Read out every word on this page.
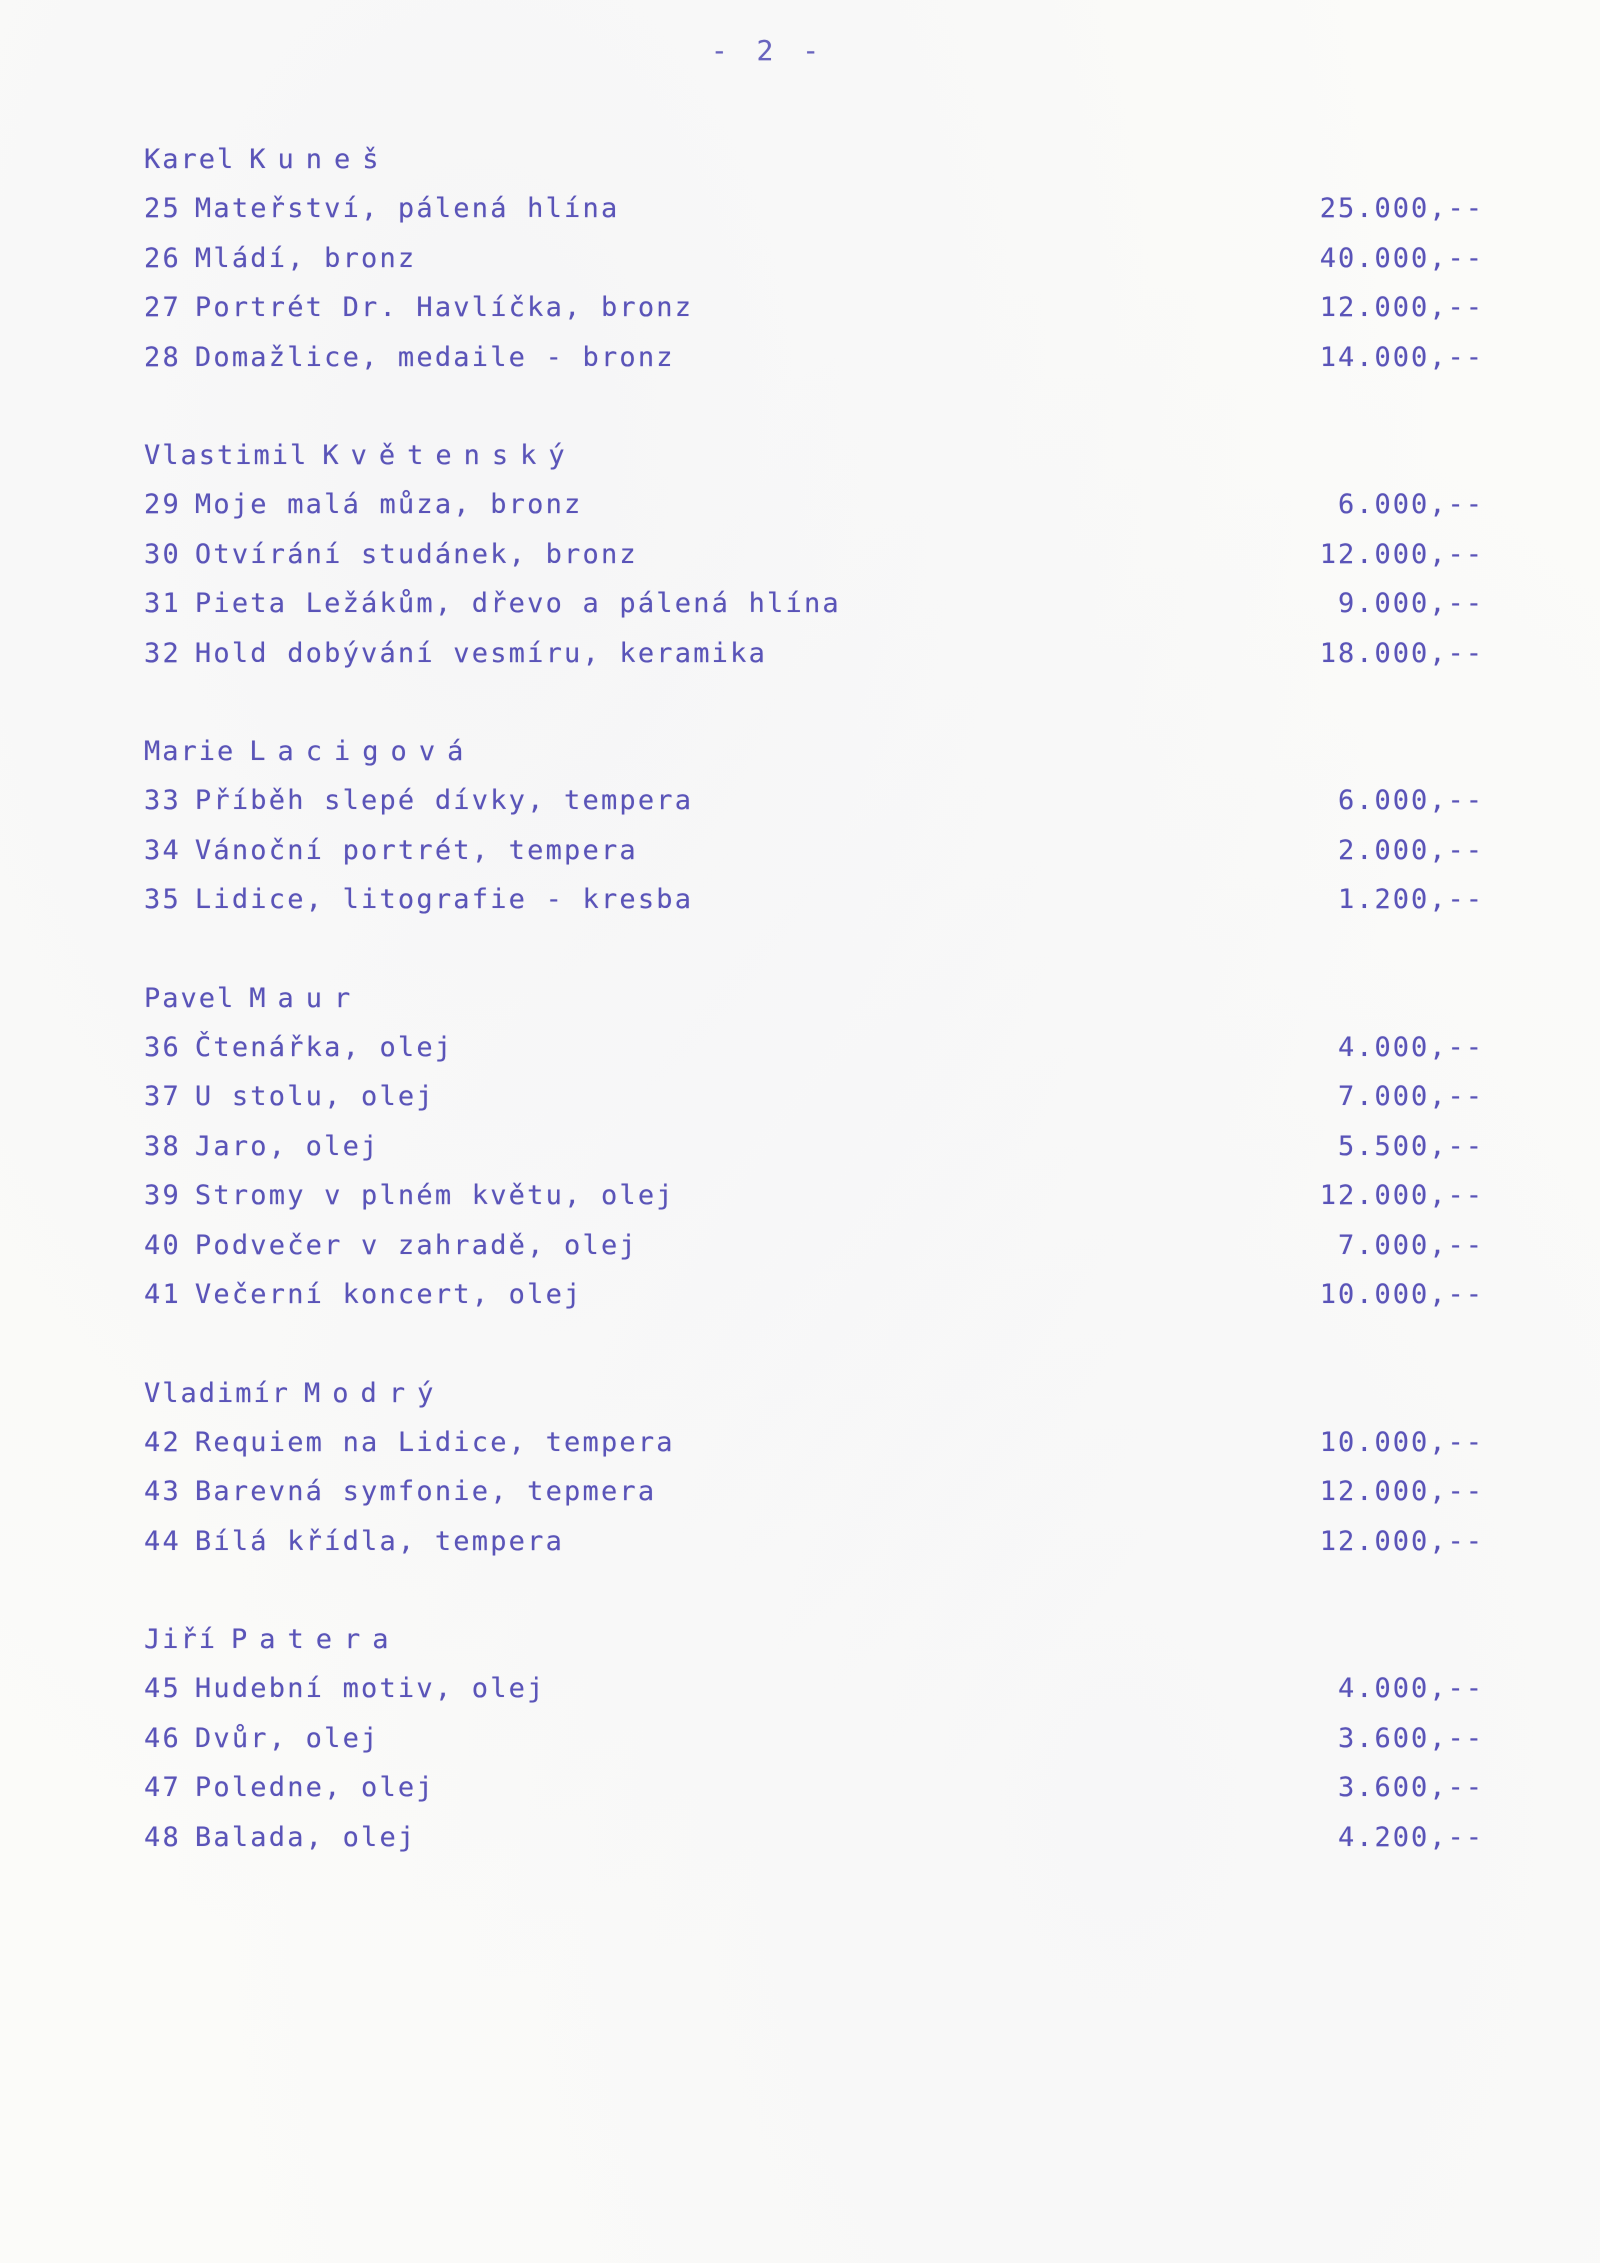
- 2 -
Karel Kuneš
25 Mateřství, pálená hlína	25.000,--
26 Mládí, bronz	40.000,--
27 Portrét Dr. Havlíčka, bronz	12.000,--
28 Domažlice, medaile - bronz	14.000,--
Vlastimil Květenský
29 Moje malá můza, bronz	6.000,--
30 Otvírání studánek, bronz	12.000,--
31 Pieta Ležákům, dřevo a pálená hlína	9.000,--
32 Hold dobývání vesmíru, keramika	18.000,--
Marie Lacigová
33 Příběh slepé dívky, tempera	6.000,--
34 Vánoční portrét, tempera	2.000,--
35 Lidice, litografie - kresba	1.200,--
Pavel Maur
36 Čtenářka, olej	4.000,--
37 U stolu, olej	7.000,--
38 Jaro, olej	5.500,--
39 Stromy v plném květu, olej	12.000,--
40 Podvečer v zahradě, olej	7.000,--
41 Večerní koncert, olej	10.000,--
Vladimír Modrý
42 Requiem na Lidice, tempera	10.000,--
43 Barevná symfonie, tepmera	12.000,--
44 Bílá křídla, tempera	12.000,--
Jiří Patera
45 Hudební motiv, olej	4.000,--
46 Dvůr, olej	3.600,--
47 Poledne, olej	3.600,--
48 Balada, olej	4.200,--
